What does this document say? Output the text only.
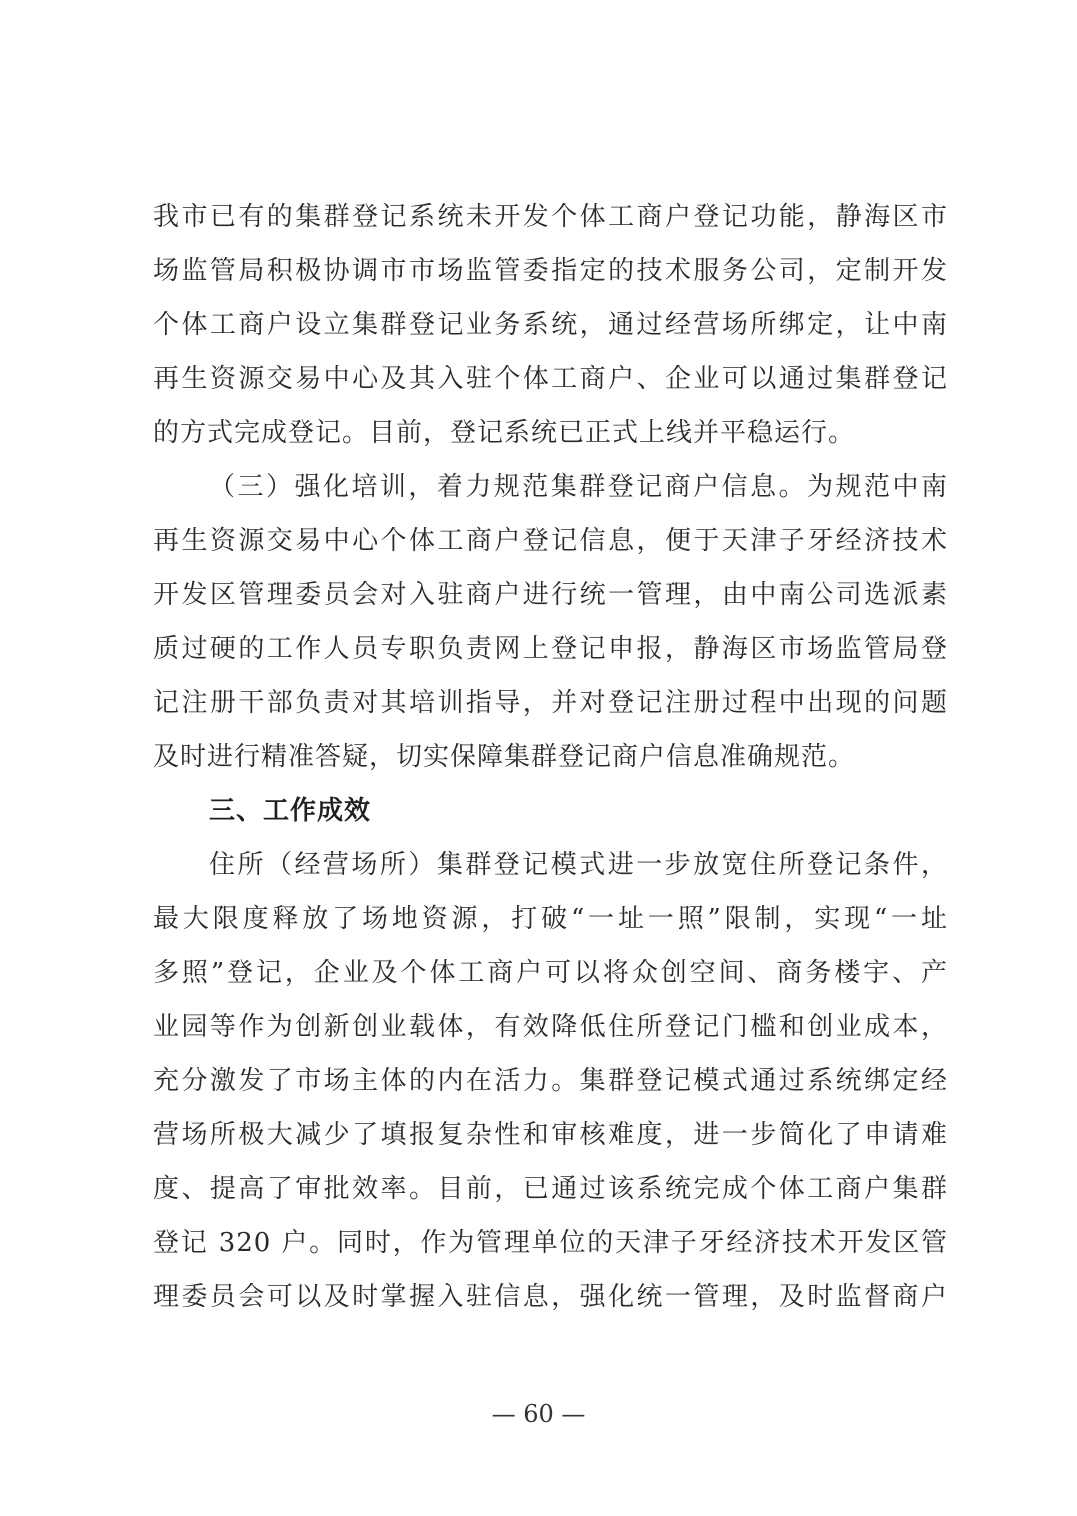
我市已有的集群登记系统未开发个体工商户登记功能，静海区市
场监管局积极协调市市场监管委指定的技术服务公司，定制开发
个体工商户设立集群登记业务系统，通过经营场所绑定，让中南
再生资源交易中心及其入驻个体工商户、企业可以通过集群登记
的方式完成登记。目前，登记系统已正式上线并平稳运行。
（三）强化培训，着力规范集群登记商户信息。为规范中南
再生资源交易中心个体工商户登记信息，便于天津子牙经济技术
开发区管理委员会对入驻商户进行统一管理，由中南公司选派素
质过硬的工作人员专职负责网上登记申报，静海区市场监管局登
记注册干部负责对其培训指导，并对登记注册过程中出现的问题
及时进行精准答疑，切实保障集群登记商户信息准确规范。
三、工作成效
住所（经营场所）集群登记模式进一步放宽住所登记条件，
最大限度释放了场地资源，打破“一址一照”限制，实现“一址
多照”登记，企业及个体工商户可以将众创空间、商务楼宇、产
业园等作为创新创业载体，有效降低住所登记门槛和创业成本，
充分激发了市场主体的内在活力。集群登记模式通过系统绑定经
营场所极大减少了填报复杂性和审核难度，进一步简化了申请难
度、提高了审批效率。目前，已通过该系统完成个体工商户集群
登记 320 户。同时，作为管理单位的天津子牙经济技术开发区管
理委员会可以及时掌握入驻信息，强化统一管理，及时监督商户
— 60 —
